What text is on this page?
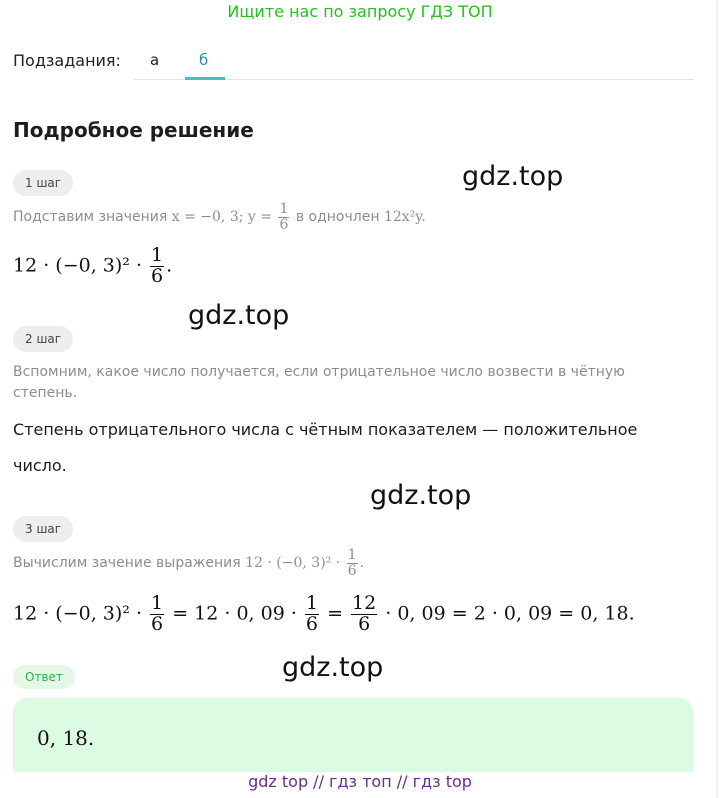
Ищите нас по запросу ГДЗ ТОП
Подзадания: а	б
Подробное решение
gdz.top
gdz.top
gdz.top
gdz.top
1 шаг
Подставим значения x = −0, 3; $y = \frac{1}{6}$ в одночлен 12x²y.
12 · (−0, $3)^2 \cdot \frac{1}{6}$ .
2 шаг
Вспомним, какое число получается, если отрицательное число возвести в чётную степень.
Степень отрицательного числа с чётным показателем — положительное число.
3 шаг
Вычислим зачение выражения 12 · (−0, $3)^2 \cdot \frac{1}{6}$ .
12 · (−0, $3)^2 \cdot \frac{1}{6} = 12 \cdot 0$, $09 \cdot \frac{1}{6} = \frac{12}{6} \cdot 0$, 09 = 2 · 0, 09 = 0, 18.
Ответ
0, 18.
gdz top // гдз топ // гдз top
